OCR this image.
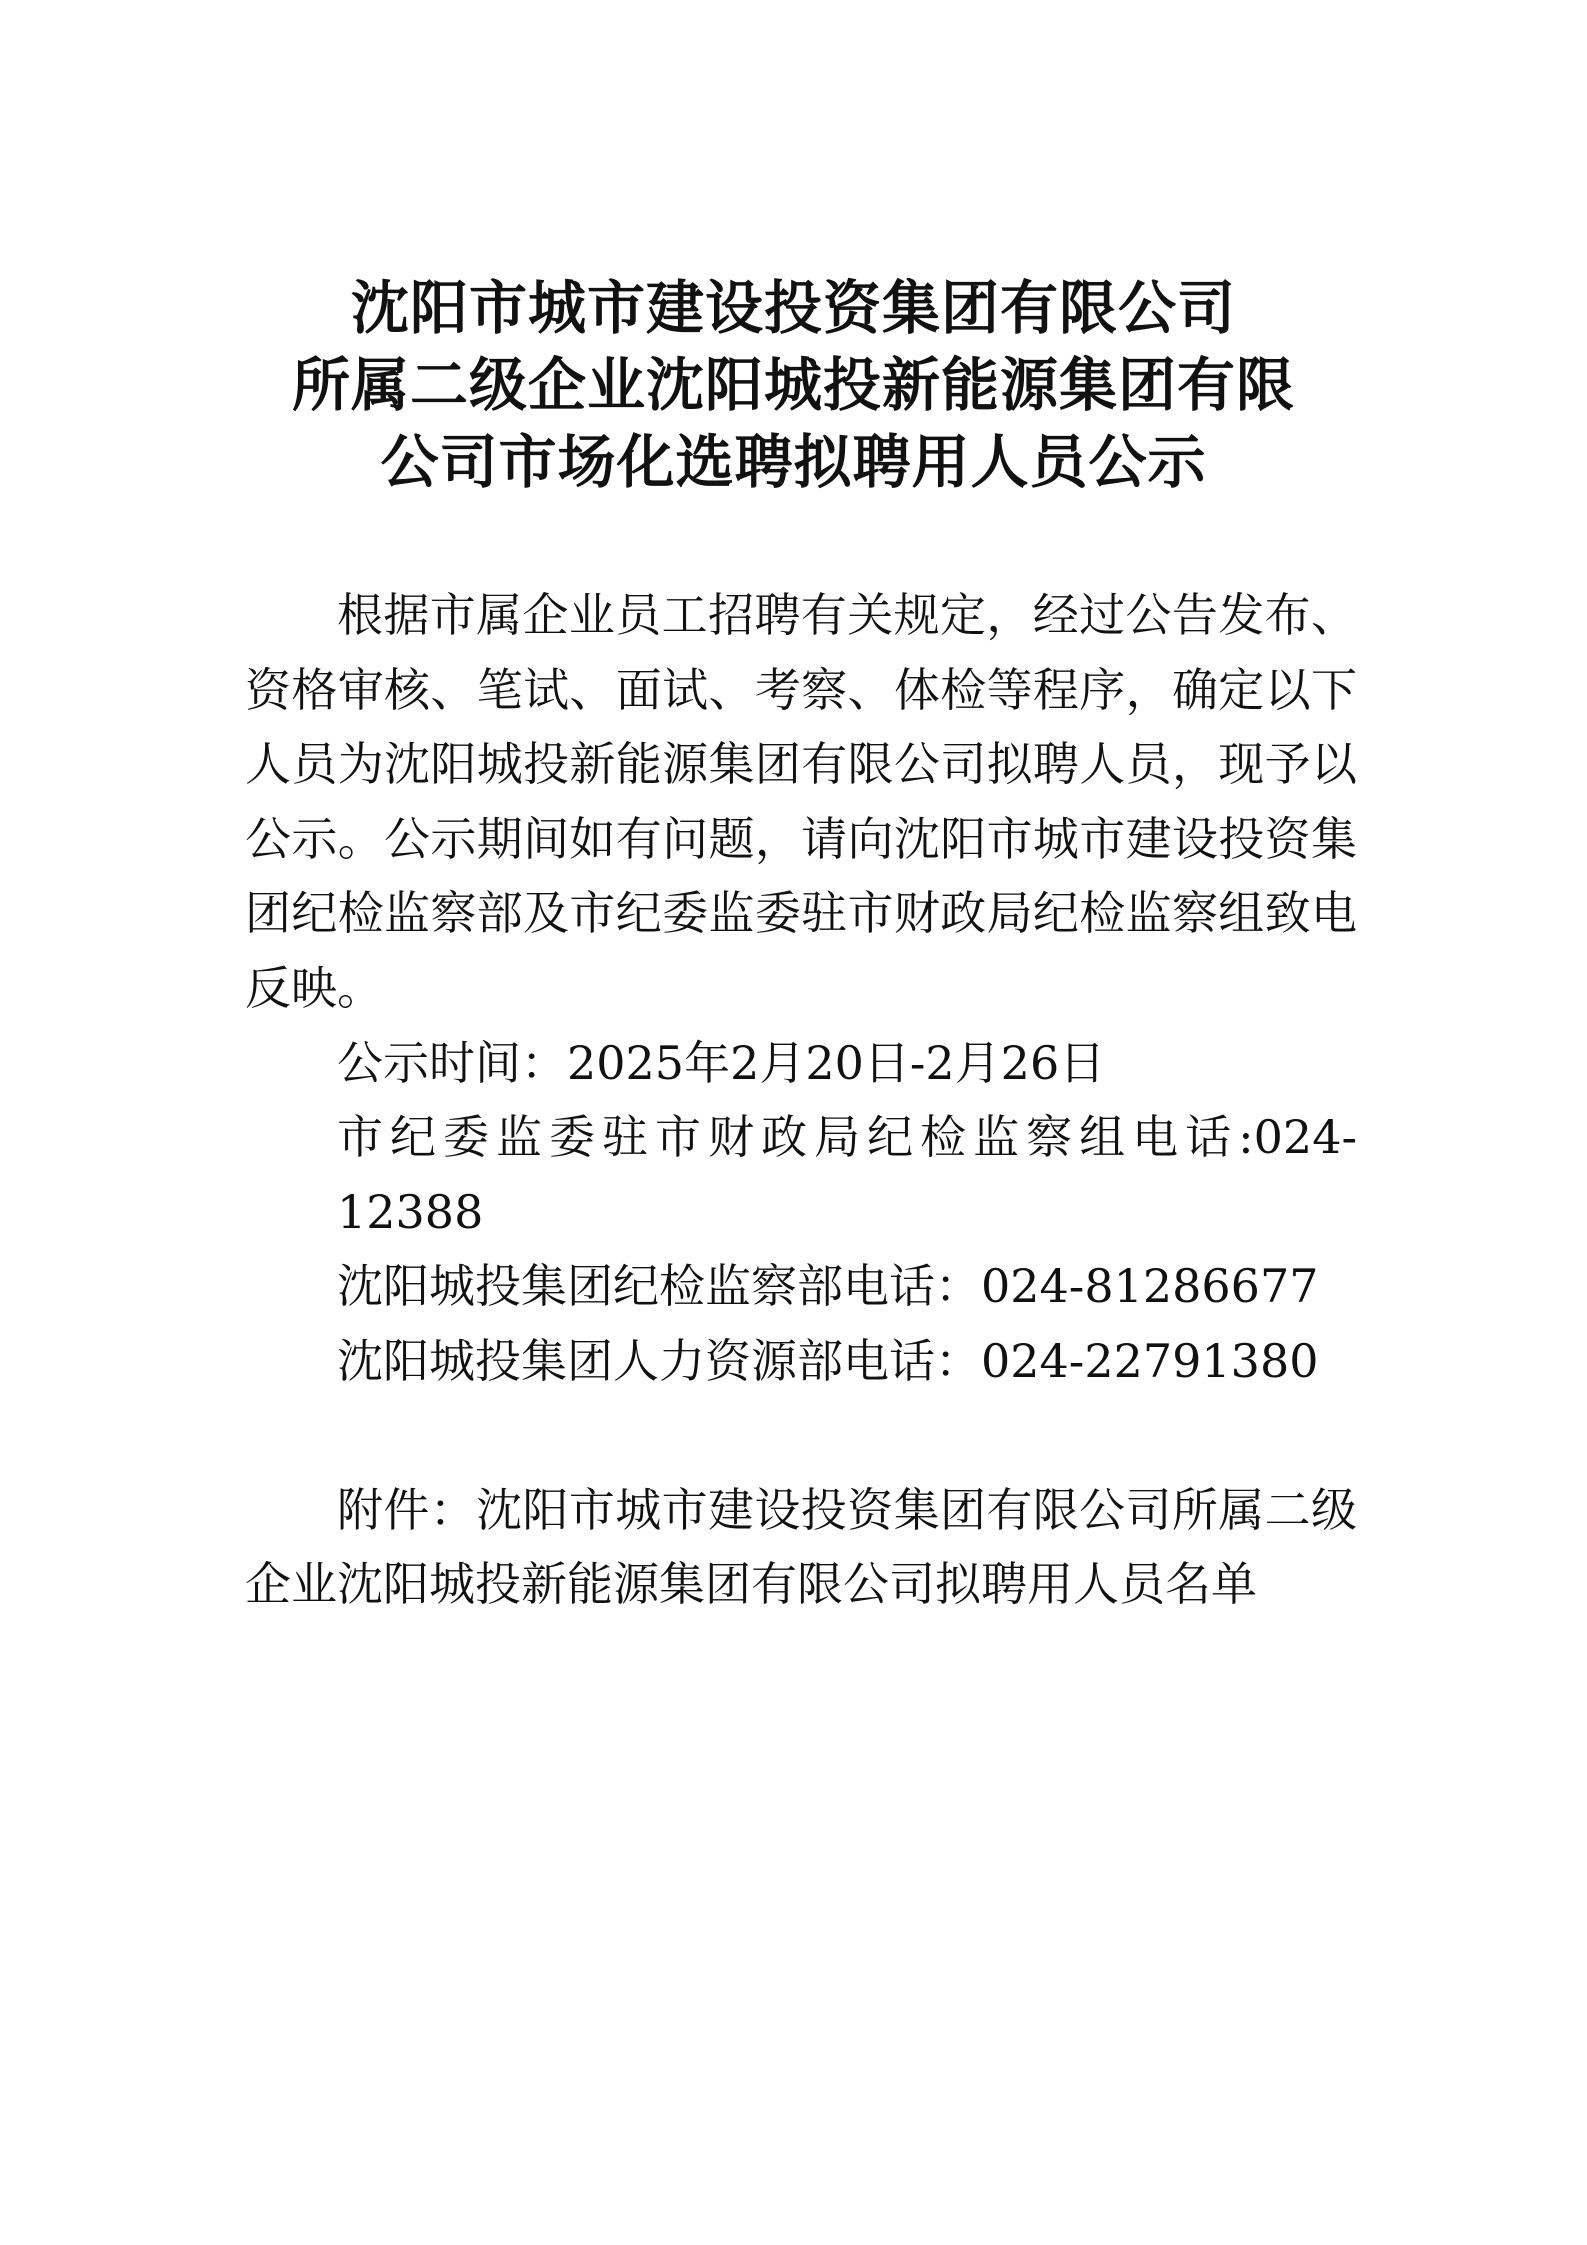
沈阳市城市建设投资集团有限公司
所属二级企业沈阳城投新能源集团有限
公司市场化选聘拟聘用人员公示

根据市属企业员工招聘有关规定，经过公告发布、资格审核、笔试、面试、考察、体检等程序，确定以下人员为沈阳城投新能源集团有限公司拟聘人员，现予以公示。公示期间如有问题，请向沈阳市城市建设投资集团纪检监察部及市纪委监委驻市财政局纪检监察组致电反映。

公示时间：2025年2月20日-2月26日
市纪委监委驻市财政局纪检监察组电话:024-12388
沈阳城投集团纪检监察部电话：024-81286677
沈阳城投集团人力资源部电话：024-22791380

附件：沈阳市城市建设投资集团有限公司所属二级企业沈阳城投新能源集团有限公司拟聘用人员名单
